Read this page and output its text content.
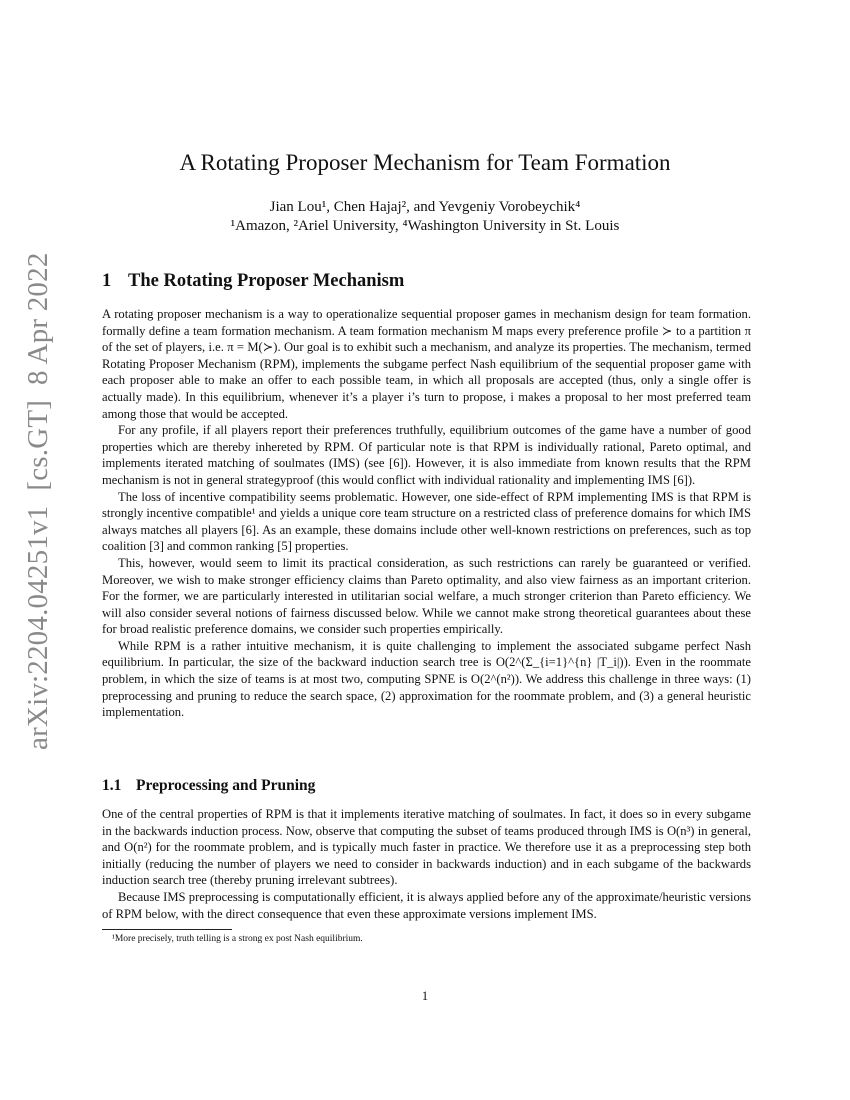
arXiv:2204.04251v1  [cs.GT]  8 Apr 2022
A Rotating Proposer Mechanism for Team Formation
Jian Lou¹, Chen Hajaj², and Yevgeniy Vorobeychik⁴
¹Amazon, ²Ariel University, ⁴Washington University in St. Louis
1 The Rotating Proposer Mechanism

A rotating proposer mechanism is a way to operationalize sequential proposer games in mechanism design for team formation. formally define a team formation mechanism. A team formation mechanism M maps every preference profile ≻ to a partition π of the set of players, i.e. π = M(≻). Our goal is to exhibit such a mechanism, and analyze its properties. The mechanism, termed Rotating Proposer Mechanism (RPM), implements the subgame perfect Nash equilibrium of the sequential proposer game with each proposer able to make an offer to each possible team, in which all proposals are accepted (thus, only a single offer is actually made). In this equilibrium, whenever it’s a player i’s turn to propose, i makes a proposal to her most preferred team among those that would be accepted.

For any profile, if all players report their preferences truthfully, equilibrium outcomes of the game have a number of good properties which are thereby inhereted by RPM. Of particular note is that RPM is individually rational, Pareto optimal, and implements iterated matching of soulmates (IMS) (see [6]). However, it is also immediate from known results that the RPM mechanism is not in general strategyproof (this would conflict with individual rationality and implementing IMS [6]).

The loss of incentive compatibility seems problematic. However, one side-effect of RPM implementing IMS is that RPM is strongly incentive compatible¹ and yields a unique core team structure on a restricted class of preference domains for which IMS always matches all players [6]. As an example, these domains include other well-known restrictions on preferences, such as top coalition [3] and common ranking [5] properties.

This, however, would seem to limit its practical consideration, as such restrictions can rarely be guaranteed or verified. Moreover, we wish to make stronger efficiency claims than Pareto optimality, and also view fairness as an important criterion. For the former, we are particularly interested in utilitarian social welfare, a much stronger criterion than Pareto efficiency. We will also consider several notions of fairness discussed below. While we cannot make strong theoretical guarantees about these for broad realistic preference domains, we consider such properties empirically.

While RPM is a rather intuitive mechanism, it is quite challenging to implement the associated subgame perfect Nash equilibrium. In particular, the size of the backward induction search tree is O(2^(Σ_{i=1}^{n} |T_i|)). Even in the roommate problem, in which the size of teams is at most two, computing SPNE is O(2^(n²)). We address this challenge in three ways: (1) preprocessing and pruning to reduce the search space, (2) approximation for the roommate problem, and (3) a general heuristic implementation.

1.1 Preprocessing and Pruning

One of the central properties of RPM is that it implements iterative matching of soulmates. In fact, it does so in every subgame in the backwards induction process. Now, observe that computing the subset of teams produced through IMS is O(n³) in general, and O(n²) for the roommate problem, and is typically much faster in practice. We therefore use it as a preprocessing step both initially (reducing the number of players we need to consider in backwards induction) and in each subgame of the backwards induction search tree (thereby pruning irrelevant subtrees).

Because IMS preprocessing is computationally efficient, it is always applied before any of the approximate/heuristic versions of RPM below, with the direct consequence that even these approximate versions implement IMS.

¹More precisely, truth telling is a strong ex post Nash equilibrium.
1
